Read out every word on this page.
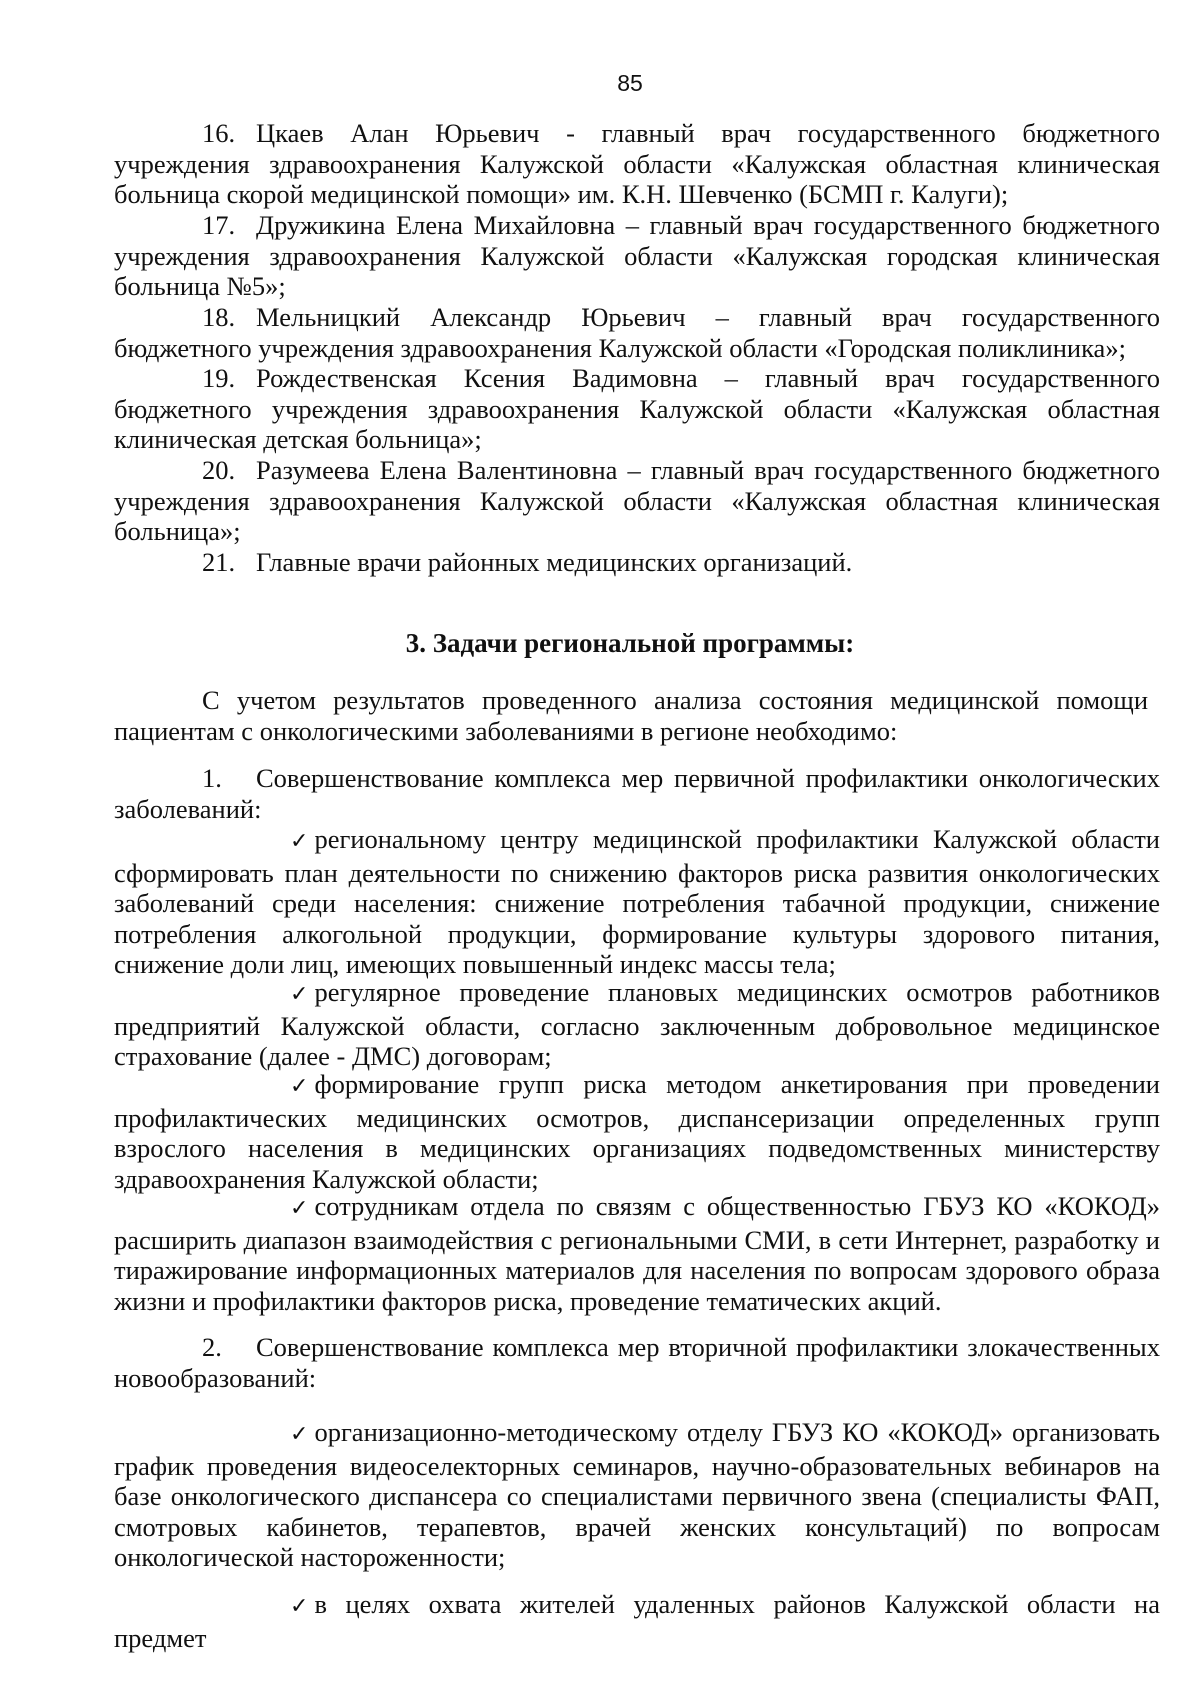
85
16. Цкаев Алан Юрьевич - главный врач государственного бюджетного учреждения здравоохранения Калужской области «Калужская областная клиническая больница скорой медицинской помощи» им. К.Н. Шевченко (БСМП г. Калуги);
17. Дружикина Елена Михайловна – главный врач государственного бюджетного учреждения здравоохранения Калужской области «Калужская городская клиническая больница №5»;
18. Мельницкий Александр Юрьевич – главный врач государственного бюджетного учреждения здравоохранения Калужской области «Городская поликлиника»;
19. Рождественская Ксения Вадимовна – главный врач государственного бюджетного учреждения здравоохранения Калужской области «Калужская областная клиническая детская больница»;
20. Разумеева Елена Валентиновна – главный врач государственного бюджетного учреждения здравоохранения Калужской области «Калужская областная клиническая больница»;
21. Главные врачи районных медицинских организаций.
3. Задачи региональной программы:
С учетом результатов проведенного анализа состояния медицинской помощи пациентам с онкологическими заболеваниями в регионе необходимо:
1. Совершенствование комплекса мер первичной профилактики онкологических заболеваний:
✓ регионaльному центру медицинской профилактики Калужской области сформировать план деятельности по снижению факторов риска развития онкологических заболеваний среди населения: снижение потребления табачной продукции, снижение потребления алкогольной продукции, формирование культуры здорового питания, снижение доли лиц, имеющих повышенный индекс массы тела;
✓ регулярное проведение плановых медицинских осмотров работников предприятий Калужской области, согласно заключенным добровольное медицинское страхование (далее - ДМС) договорам;
✓ формирование групп риска методом анкетирования при проведении профилактических медицинских осмотров, диспансеризации определенных групп взрослого населения в медицинских организациях подведомственных министерству здравоохранения Калужской области;
✓ сотрудникам отдела по связям с общественностью ГБУЗ КО «КОКОД» расширить диапазон взаимодействия с региональными СМИ, в сети Интернет, разработку и тиражирование информационных материалов для населения по вопросам здорового образа жизни и профилактики факторов риска, проведение тематических акций.
2. Совершенствование комплекса мер вторичной профилактики злокачественных новообразований:
✓ организационно-методическому отделу ГБУЗ КО «КОКОД» организовать график проведения видеоселекторных семинаров, научно-образовательных вебинаров на базе онкологического диспансера со специалистами первичного звена (специалисты ФАП, смотровых кабинетов, терапевтов, врачей женских консультаций) по вопросам онкологической настороженности;
✓ в целях охвата жителей удаленных районов Калужской области на предмет
